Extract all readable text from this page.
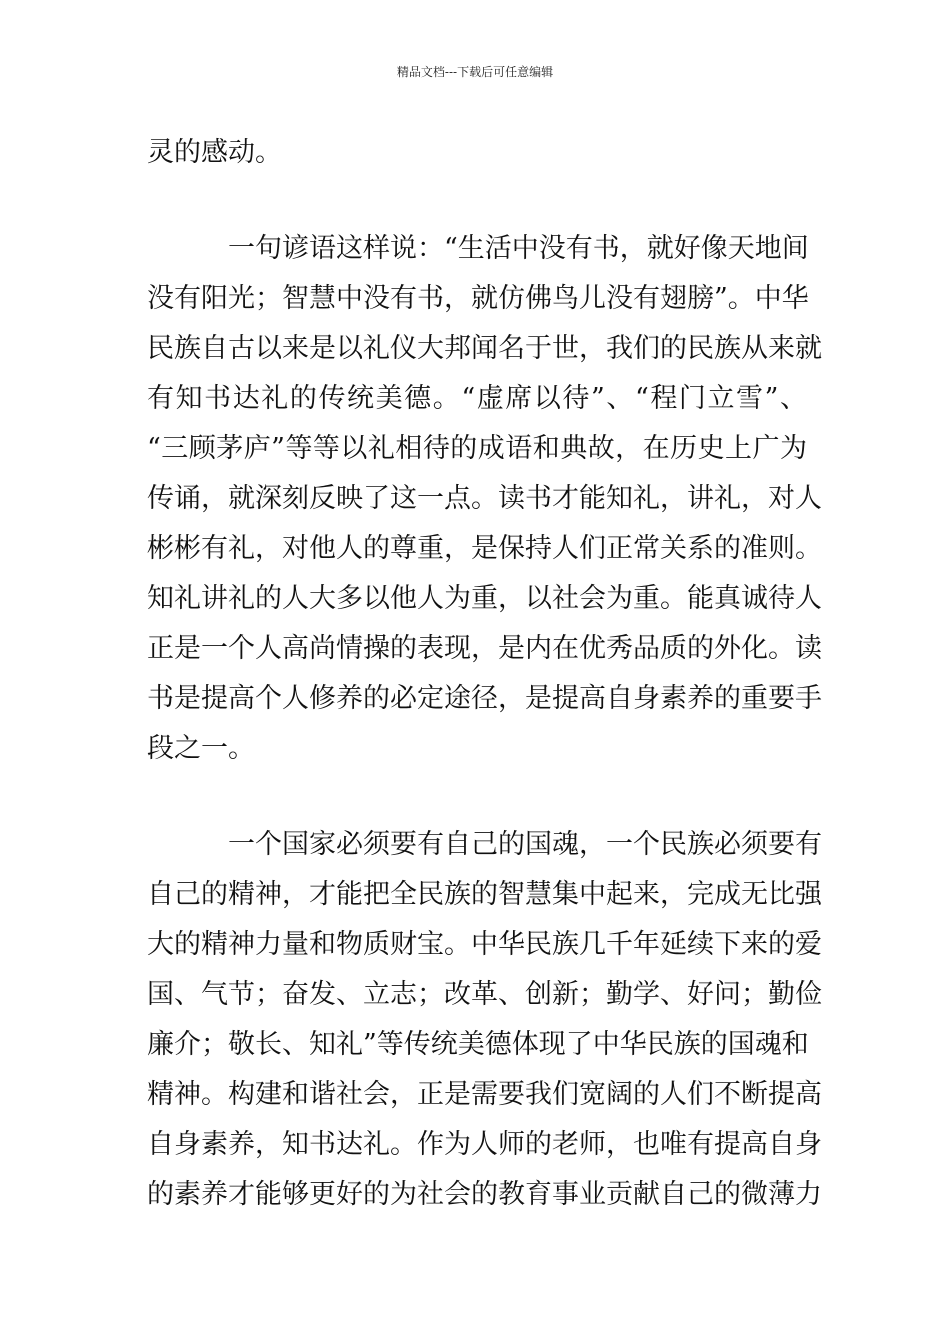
精品文档---下载后可任意编辑
灵的感动。
一句谚语这样说：“生活中没有书，就好像天地间
没有阳光；智慧中没有书，就仿佛鸟儿没有翅膀”。中华
民族自古以来是以礼仪大邦闻名于世，我们的民族从来就
有知书达礼的传统美德。“虚席以待”、“程门立雪”、
“三顾茅庐”等等以礼相待的成语和典故，在历史上广为
传诵，就深刻反映了这一点。读书才能知礼，讲礼，对人
彬彬有礼，对他人的尊重，是保持人们正常关系的准则。
知礼讲礼的人大多以他人为重，以社会为重。能真诚待人
正是一个人高尚情操的表现，是内在优秀品质的外化。读
书是提高个人修养的必定途径，是提高自身素养的重要手
段之一。
一个国家必须要有自己的国魂，一个民族必须要有
自己的精神，才能把全民族的智慧集中起来，完成无比强
大的精神力量和物质财宝。中华民族几千年延续下来的爱
国、气节；奋发、立志；改革、创新；勤学、好问；勤俭
廉介；敬长、知礼”等传统美德体现了中华民族的国魂和
精神。构建和谐社会，正是需要我们宽阔的人们不断提高
自身素养，知书达礼。作为人师的老师，也唯有提高自身
的素养才能够更好的为社会的教育事业贡献自己的微薄力
